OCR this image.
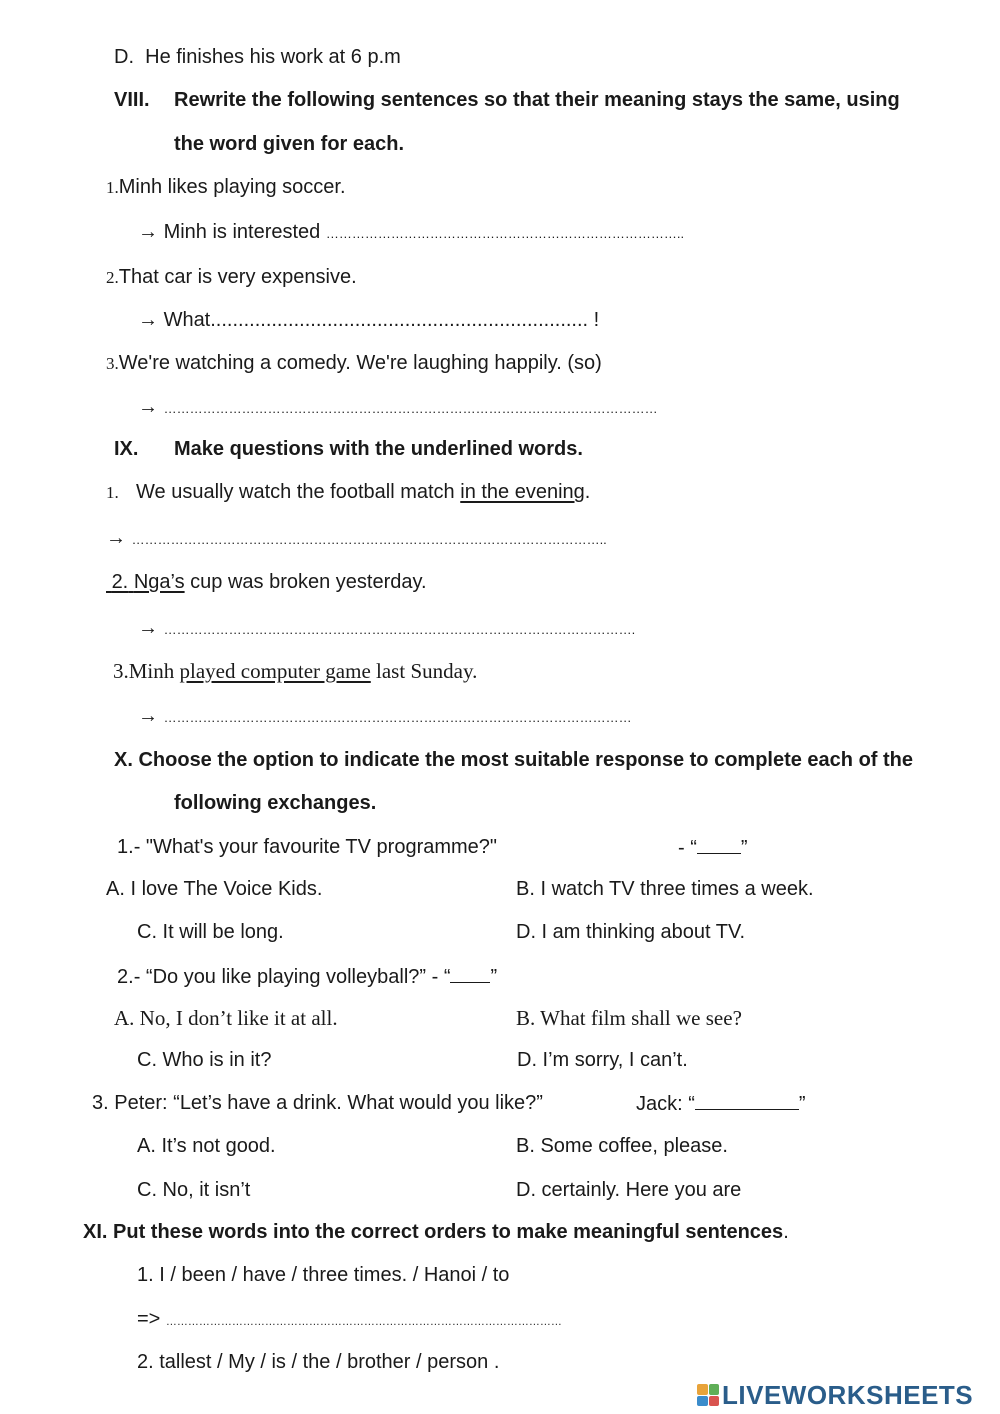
D. He finishes his work at 6 p.m
VIII. Rewrite the following sentences so that their meaning stays the same, using
the word given for each.
1.Minh likes playing soccer.
→ Minh is interested ………………………………………………………………………..
2.That car is very expensive.
→ What.................................................................... !
3.We're watching a comedy. We're laughing happily. (so)
→ ……………………………………………………………………………………………………
IX. Make questions with the underlined words.
1. We usually watch the football match in the evening.
→ ………………………………………………………………………………………………..
2. Nga’s cup was broken yesterday.
→ ……………………………………………………………………………………………….
3.Minh played computer game last Sunday.
→ ………………………………………………………………………………………………
X. Choose the option to indicate the most suitable response to complete each of the
following exchanges.
1.- "What's your favourite TV programme?"	- “ ”
A. I love The Voice Kids.	B. I watch TV three times a week.
C. It will be long.	D. I am thinking about TV.
2.- “Do you like playing volleyball?” - “ ”
A. No, I don’t like it at all.	B. What film shall we see?
C. Who is in it?	D. I’m sorry, I can’t.
3. Peter: “Let’s have a drink. What would you like?”	Jack: “	”
A. It’s not good.	B. Some coffee, please.
C. No, it isn’t	D. certainly. Here you are
XI. Put these words into the correct orders to make meaningful sentences.
1. I / been / have / three times. / Hanoi / to
=> ………………………………………………………………………………………………
2. tallest / My / is / the / brother / person .
LIVEWORKSHEETS
